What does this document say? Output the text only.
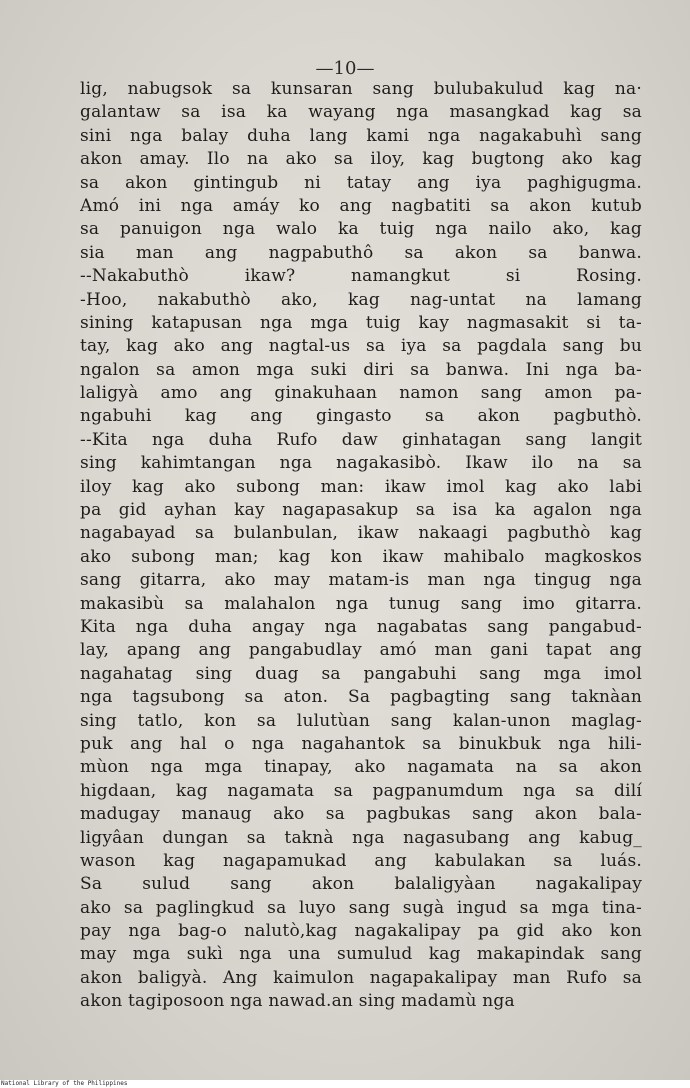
—10—
lig, nabugsok sa kunsaran sang bulubakulud kag na·
galantaw sa isa ka wayang nga masangkad kag sa
sini nga balay duha lang kami nga nagakabuhì sang
akon amay. Ilo na ako sa iloy, kag bugtong ako kag
sa akon gintingub ni tatay ang iya paghigugma.
Amó ini nga amáy ko ang nagbatiti sa akon kutub
sa panuigon nga walo ka tuig nga nailo ako, kag
sia man ang nagpabuthô sa akon sa banwa.
--Nakabuthò ikaw? namangkut si Rosing.
-Hoo, nakabuthò ako, kag nag-untat na lamang
sining katapusan nga mga tuig kay nagmasakit si ta-
tay, kag ako ang nagtal-us sa iya sa pagdala sang bu
ngalon sa amon mga suki diri sa banwa. Ini nga ba-
laligyà amo ang ginakuhaan namon sang amon pa-
ngabuhi kag ang gingasto sa akon pagbuthò.
--Kita nga duha Rufo daw ginhatagan sang langit
sing kahimtangan nga nagakasibò. Ikaw ilo na sa
iloy kag ako subong man: ikaw imol kag ako labi
pa gid ayhan kay nagapasakup sa isa ka agalon nga
nagabayad sa bulanbulan, ikaw nakaagi pagbuthò kag
ako subong man; kag kon ikaw mahibalo magkoskos
sang gitarra, ako may matam-is man nga tingug nga
makasibù sa malahalon nga tunug sang imo gitarra.
Kita nga duha angay nga nagabatas sang pangabud-
lay, apang ang pangabudlay amó man gani tapat ang
nagahatag sing duag sa pangabuhi sang mga imol
nga tagsubong sa aton. Sa pagbagting sang taknàan
sing tatlo, kon sa lulutùan sang kalan-unon maglag-
puk ang hal o nga nagahantok sa binukbuk nga hili-
mùon nga mga tinapay, ako nagamata na sa akon
higdaan, kag nagamata sa pagpanumdum nga sa dilí
madugay manaug ako sa pagbukas sang akon bala-
ligyâan dungan sa taknà nga nagasubang ang kabug_
wason kag nagapamukad ang kabulakan sa luás.
Sa sulud sang akon balaligyàan nagakalipay
ako sa paglingkud sa luyo sang sugà ingud sa mga tina-
pay nga bag-o nalutò,kag nagakalipay pa gid ako kon
may mga sukì nga una sumulud kag makapindak sang
akon baligyà. Ang kaimulon nagapakalipay man Rufo sa
akon tagiposoon nga nawad.an sing madamù nga
National Library of the Philippines
